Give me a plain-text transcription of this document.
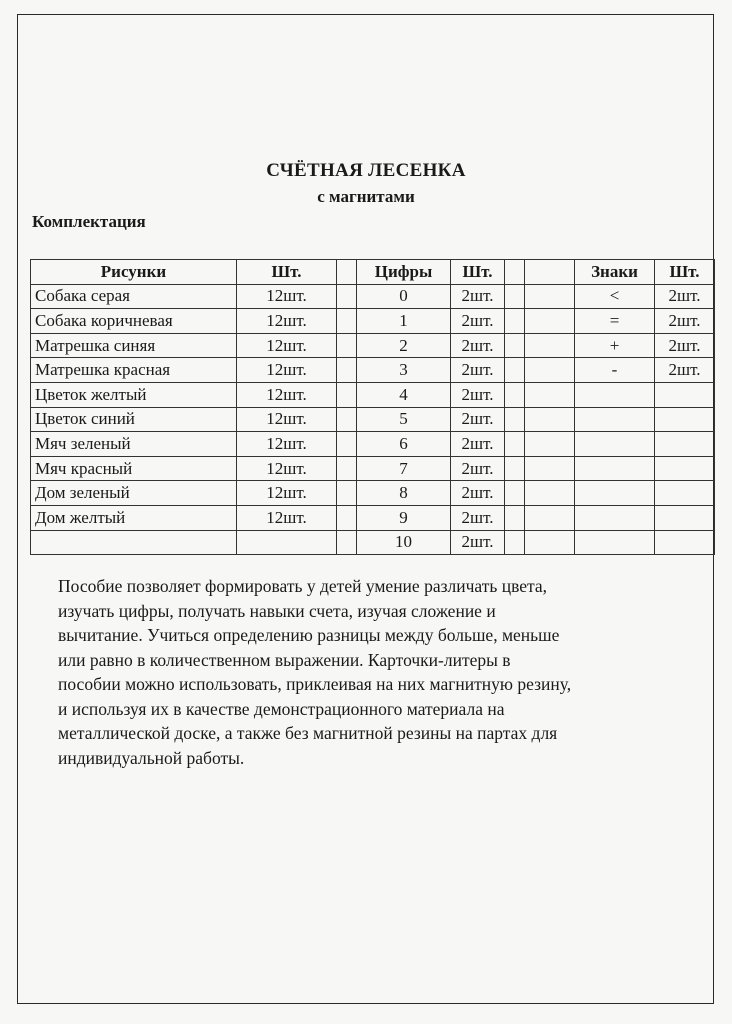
СЧЁТНАЯ ЛЕСЕНКА
с магнитами
Комплектация
Рисунки	Шт.		Цифры	Шт.			Знаки	Шт.
Собака серая	12шт.		0	2шт.			<	2шт.
Собака коричневая	12шт.		1	2шт.			=	2шт.
Матрешка синяя	12шт.		2	2шт.			+	2шт.
Матрешка красная	12шт.		3	2шт.			-	2шт.
Цветок желтый	12шт.		4	2шт.				
Цветок синий	12шт.		5	2шт.				
Мяч зеленый	12шт.		6	2шт.				
Мяч красный	12шт.		7	2шт.				
Дом зеленый	12шт.		8	2шт.				
Дом желтый	12шт.		9	2шт.				
			10	2шт.				
Пособие позволяет формировать у детей умение различать цвета,
изучать цифры, получать навыки счета, изучая сложение и
вычитание. Учиться определению разницы между больше, меньше
или равно в количественном выражении. Карточки-литеры в
пособии можно использовать, приклеивая на них магнитную резину,
и используя их в качестве демонстрационного материала на
металлической доске, а также без магнитной резины на партах для
индивидуальной работы.
